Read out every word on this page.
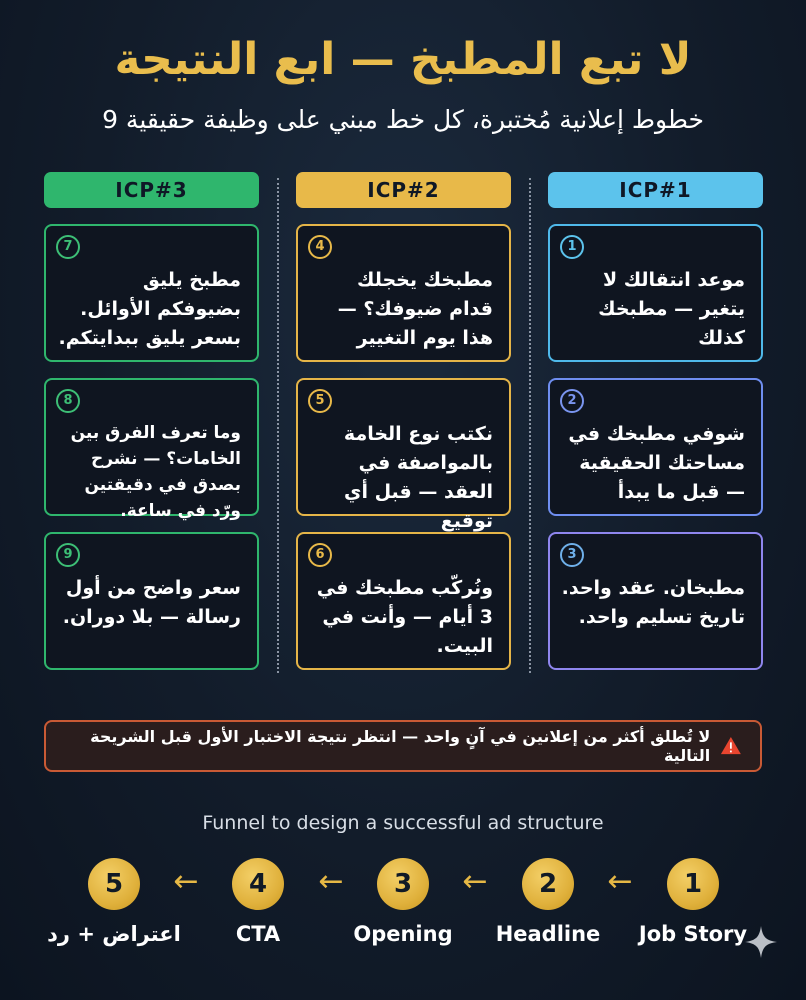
لا تبع المطبخ — ابع النتيجة
9 خطوط إعلانية مُختبرة، كل خط مبني على وظيفة حقيقية
ICP#1
1
موعد انتقالك لا يتغير — مطبخك كذلك
2
شوفي مطبخك في مساحتك الحقيقية — قبل ما يبدأ
3
مطبخان. عقد واحد. تاريخ تسليم واحد.
ICP#2
4
مطبخك يخجلك قدام ضيوفك؟ — هذا يوم التغيير
5
نكتب نوع الخامة بالمواصفة في العقد — قبل أي توقيع
6
ونُركّب مطبخك في 3 أيام — وأنت في البيت.
ICP#3
7
مطبخ يليق بضيوفكم الأوائل. بسعر يليق ببدايتكم.
8
وما تعرف الفرق بين الخامات؟ — نشرح بصدق في دقيقتين ورّد في ساعة.
9
سعر واضح من أول رسالة — بلا دوران.
لا تُطلق أكثر من إعلانين في آنٍ واحد — انتظر نتيجة الاختبار الأول قبل الشريحة التالية
Funnel to design a successful ad structure
1
Job Story
←
2
Headline
←
3
Opening
←
4
CTA
←
5
اعتراض + رد
